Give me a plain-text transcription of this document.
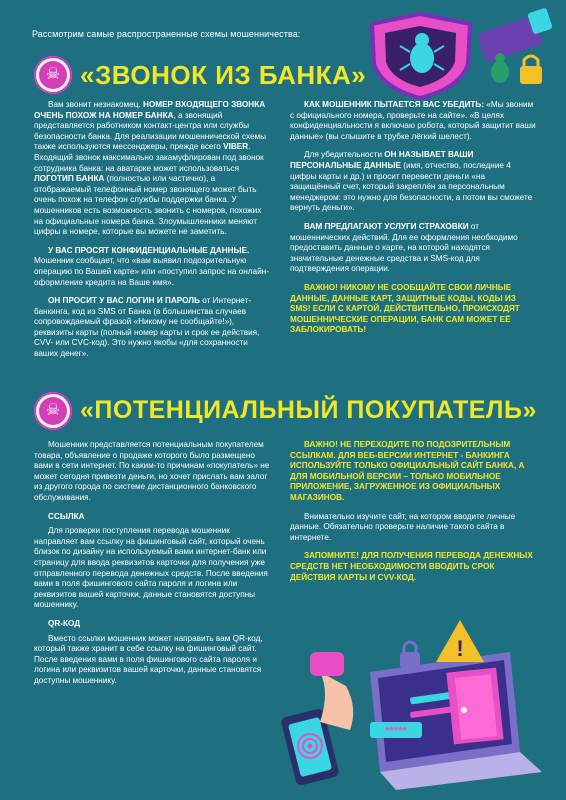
Рассмотрим самые распространенные схемы мошенничества:
☠ «ЗВОНОК ИЗ БАНКА»

Вам звонит незнакомец. НОМЕР ВХОДЯЩЕГО ЗВОНКА ОЧЕНЬ ПОХОЖ НА НОМЕР БАНКА, а звонящий представляется работником контакт-центра или службы безопасности банка. Для реализации мошеннической схемы также используются мессенджеры, прежде всего VIBER. Входящий звонок максимально закамуфлирован под звонок сотрудника банка: на аватарке может использоваться ЛОГОТИП БАНКА (полностью или частично), а отображаемый телефонный номер звонящего может быть очень похож на телефон службы поддержки банка. У мошенников есть возможность звонить с номеров, похожих на официальные номера банка. Злоумышленники меняют цифры в номере, которые вы можете не заметить.

У ВАС ПРОСЯТ КОНФИДЕНЦИАЛЬНЫЕ ДАННЫЕ. Мошенник сообщает, что «вам выявил подозрительную операцию по Вашей карте» или «поступил запрос на онлайн-оформление кредита на Ваше имя».

ОН ПРОСИТ У ВАС ЛОГИН И ПАРОЛЬ от Интернет-банкинга, код из SMS от Банка (в большинства случаев сопровождаемый фразой «Никому не сообщайте!»), реквизиты карты (полный номер карты и срок ее действия, CVV- или CVC-код). Это нужно якобы «для сохранности ваших денег».

КАК МОШЕННИК ПЫТАЕТСЯ ВАС УБЕДИТЬ: «Мы звоним с официального номера, проверьте на сайте». «В целях конфиденциальности я включаю робота, который защитит ваши данные» (вы слышите в трубке лёгкий шелест).

Для убедительности ОН НАЗЫВАЕТ ВАШИ ПЕРСОНАЛЬНЫЕ ДАННЫЕ (имя, отчество, последние 4 цифры карты и др.) и просит перевести деньги «на защищённый счет, который закреплён за персональным менеджером: это нужно для безопасности, а потом вы сможете вернуть деньги».

ВАМ ПРЕДЛАГАЮТ УСЛУГИ СТРАХОВКИ от мошеннических действий. Для ее оформления необходимо предоставить данные о карте, на которой находятся значительные денежные средства и SMS-код для подтверждения операции.

ВАЖНО! НИКОМУ НЕ СООБЩАЙТЕ СВОИ ЛИЧНЫЕ ДАННЫЕ, ДАННЫЕ КАРТ, ЗАЩИТНЫЕ КОДЫ, КОДЫ ИЗ SMS! ЕСЛИ С КАРТОЙ, ДЕЙСТВИТЕЛЬНО, ПРОИСХОДЯТ МОШЕННИЧЕСКИЕ ОПЕРАЦИИ, БАНК САМ МОЖЕТ ЕЁ ЗАБЛОКИРОВАТЬ!

☠ «ПОТЕНЦИАЛЬНЫЙ ПОКУПАТЕЛЬ»

Мошенник представляется потенциальным покупателем товара, объявление о продаже которого было размещено вами в сети интернет. По каким-то причинам «покупатель» не может сегодня привезти деньги, но хочет прислать вам залог из другого города по системе дистанционного банковского обслуживания.

ССЫЛКА

Для проверки поступления перевода мошенник направляет вам ссылку на фишинговый сайт, который очень близок по дизайну на используемый вами интернет-банк или страницу для ввода реквизитов карточки для получения уже отправленного перевода денежных средств. После введения вами в поля фишингового сайта пароля и логина или реквизитов вашей карточки, данные становятся доступны мошеннику.

QR-КОД

Вместо ссылки мошенник может направить вам QR-код, который также хранит в себе ссылку на фишинговый сайт. После введения вами в поля фишингового сайта пароля и логина или реквизитов вашей карточки, данные становятся доступны мошеннику.

ВАЖНО! НЕ ПЕРЕХОДИТЕ ПО ПОДОЗРИТЕЛЬНЫМ ССЫЛКАМ. ДЛЯ ВЕБ-ВЕРСИИ ИНТЕРНЕТ - БАНКИНГА ИСПОЛЬЗУЙТЕ ТОЛЬКО ОФИЦИАЛЬНЫЙ САЙТ БАНКА, А ДЛЯ МОБИЛЬНОЙ ВЕРСИИ – ТОЛЬКО МОБИЛЬНОЕ ПРИЛОЖЕНИЕ, ЗАГРУЖЕННОЕ ИЗ ОФИЦИАЛЬНЫХ МАГАЗИНОВ.

Внимательно изучите сайт, на котором вводите личные данные. Обязательно проверьте наличие такого сайта в интернете.

ЗАПОМНИТЕ! ДЛЯ ПОЛУЧЕНИЯ ПЕРЕВОДА ДЕНЕЖНЫХ СРЕДСТВ НЕТ НЕОБХОДИМОСТИ ВВОДИТЬ СРОК ДЕЙСТВИЯ КАРТЫ И CVV-КОД.

!
*****
